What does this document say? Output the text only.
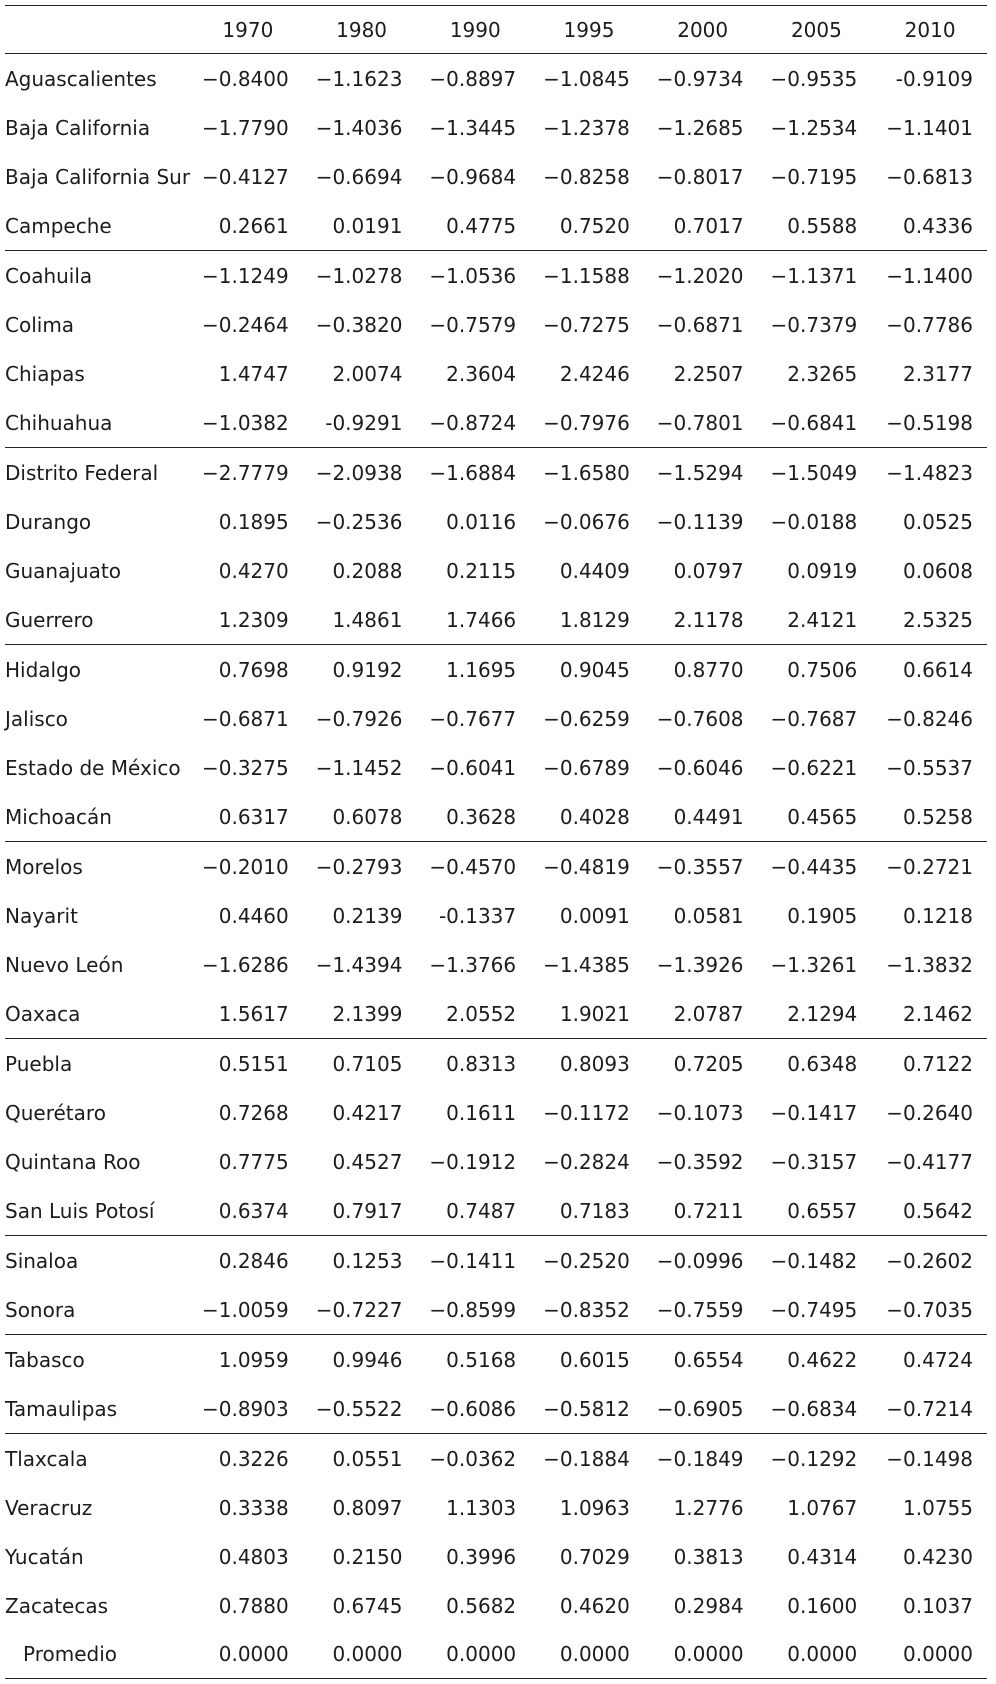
	1970	1980	1990	1995	2000	2005	2010
Aguascalientes	−0.8400	−1.1623	−0.8897	−1.0845	−0.9734	−0.9535	-0.9109
Baja California	−1.7790	−1.4036	−1.3445	−1.2378	−1.2685	−1.2534	−1.1401
Baja California Sur	−0.4127	−0.6694	−0.9684	−0.8258	−0.8017	−0.7195	−0.6813
Campeche	0.2661	0.0191	0.4775	0.7520	0.7017	0.5588	0.4336
Coahuila	−1.1249	−1.0278	−1.0536	−1.1588	−1.2020	−1.1371	−1.1400
Colima	−0.2464	−0.3820	−0.7579	−0.7275	−0.6871	−0.7379	−0.7786
Chiapas	1.4747	2.0074	2.3604	2.4246	2.2507	2.3265	2.3177
Chihuahua	−1.0382	-0.9291	−0.8724	−0.7976	−0.7801	−0.6841	−0.5198
Distrito Federal	−2.7779	−2.0938	−1.6884	−1.6580	−1.5294	−1.5049	−1.4823
Durango	0.1895	−0.2536	0.0116	−0.0676	−0.1139	−0.0188	0.0525
Guanajuato	0.4270	0.2088	0.2115	0.4409	0.0797	0.0919	0.0608
Guerrero	1.2309	1.4861	1.7466	1.8129	2.1178	2.4121	2.5325
Hidalgo	0.7698	0.9192	1.1695	0.9045	0.8770	0.7506	0.6614
Jalisco	−0.6871	−0.7926	−0.7677	−0.6259	−0.7608	−0.7687	−0.8246
Estado de México	−0.3275	−1.1452	−0.6041	−0.6789	−0.6046	−0.6221	−0.5537
Michoacán	0.6317	0.6078	0.3628	0.4028	0.4491	0.4565	0.5258
Morelos	−0.2010	−0.2793	−0.4570	−0.4819	−0.3557	−0.4435	−0.2721
Nayarit	0.4460	0.2139	-0.1337	0.0091	0.0581	0.1905	0.1218
Nuevo León	−1.6286	−1.4394	−1.3766	−1.4385	−1.3926	−1.3261	−1.3832
Oaxaca	1.5617	2.1399	2.0552	1.9021	2.0787	2.1294	2.1462
Puebla	0.5151	0.7105	0.8313	0.8093	0.7205	0.6348	0.7122
Querétaro	0.7268	0.4217	0.1611	−0.1172	−0.1073	−0.1417	−0.2640
Quintana Roo	0.7775	0.4527	−0.1912	−0.2824	−0.3592	−0.3157	−0.4177
San Luis Potosí	0.6374	0.7917	0.7487	0.7183	0.7211	0.6557	0.5642
Sinaloa	0.2846	0.1253	−0.1411	−0.2520	−0.0996	−0.1482	−0.2602
Sonora	−1.0059	−0.7227	−0.8599	−0.8352	−0.7559	−0.7495	−0.7035
Tabasco	1.0959	0.9946	0.5168	0.6015	0.6554	0.4622	0.4724
Tamaulipas	−0.8903	−0.5522	−0.6086	−0.5812	−0.6905	−0.6834	−0.7214
Tlaxcala	0.3226	0.0551	−0.0362	−0.1884	−0.1849	−0.1292	−0.1498
Veracruz	0.3338	0.8097	1.1303	1.0963	1.2776	1.0767	1.0755
Yucatán	0.4803	0.2150	0.3996	0.7029	0.3813	0.4314	0.4230
Zacatecas	0.7880	0.6745	0.5682	0.4620	0.2984	0.1600	0.1037
Promedio	0.0000	0.0000	0.0000	0.0000	0.0000	0.0000	0.0000
